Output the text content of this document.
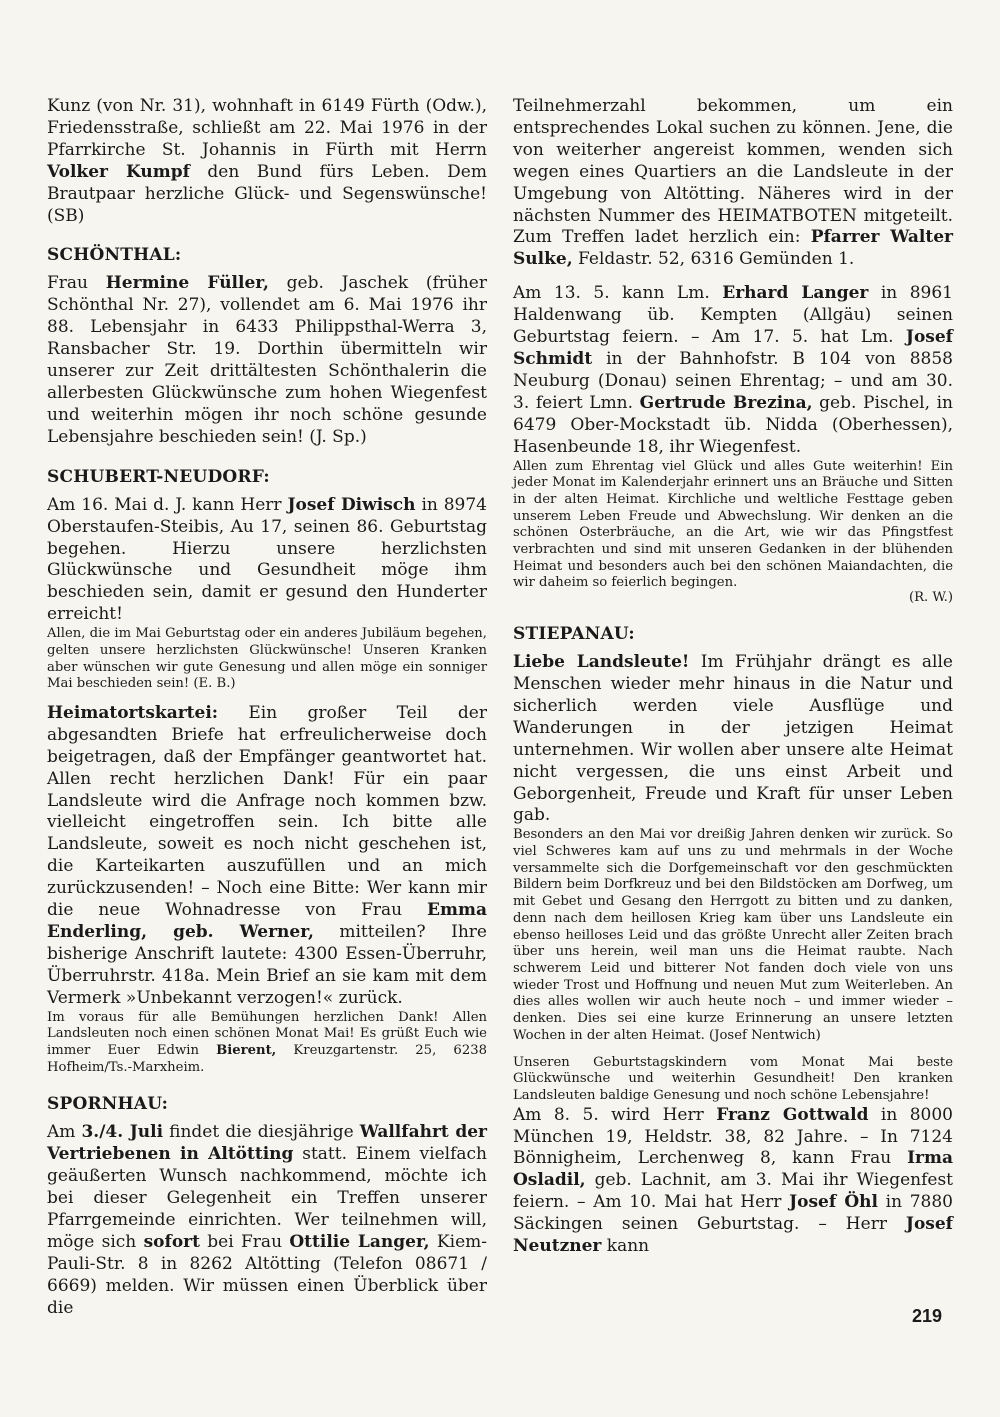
Kunz (von Nr. 31), wohnhaft in 6149 Fürth (Odw.), Friedensstraße, schließt am 22. Mai 1976 in der Pfarrkirche St. Johannis in Fürth mit Herrn Volker Kumpf den Bund fürs Leben. Dem Brautpaar herzliche Glück- und Segenswünsche! (SB)

SCHÖNTHAL:

Frau Hermine Füller, geb. Jaschek (früher Schönthal Nr. 27), vollendet am 6. Mai 1976 ihr 88. Lebensjahr in 6433 Philippsthal-Werra 3, Ransbacher Str. 19. Dorthin übermitteln wir unserer zur Zeit drittältesten Schönthalerin die allerbesten Glückwünsche zum hohen Wiegenfest und weiterhin mögen ihr noch schöne gesunde Lebensjahre beschieden sein! (J. Sp.)

SCHUBERT-NEUDORF:

Am 16. Mai d. J. kann Herr Josef Diwisch in 8974 Oberstaufen-Steibis, Au 17, seinen 86. Geburtstag begehen. Hierzu unsere herzlichsten Glückwünsche und Gesundheit möge ihm beschieden sein, damit er gesund den Hunderter erreicht!

Allen, die im Mai Geburtstag oder ein anderes Jubiläum begehen, gelten unsere herzlichsten Glückwünsche! Unseren Kranken aber wünschen wir gute Genesung und allen möge ein sonniger Mai beschieden sein! (E. B.)

Heimatortskartei: Ein großer Teil der abgesandten Briefe hat erfreulicherweise doch beigetragen, daß der Empfänger geantwortet hat. Allen recht herzlichen Dank! Für ein paar Landsleute wird die Anfrage noch kommen bzw. vielleicht eingetroffen sein. Ich bitte alle Landsleute, soweit es noch nicht geschehen ist, die Karteikarten auszufüllen und an mich zurückzusenden! – Noch eine Bitte: Wer kann mir die neue Wohnadresse von Frau Emma Enderling, geb. Werner, mitteilen? Ihre bisherige Anschrift lautete: 4300 Essen-Überruhr, Überruhrstr. 418a. Mein Brief an sie kam mit dem Vermerk »Unbekannt verzogen!« zurück.

Im voraus für alle Bemühungen herzlichen Dank! Allen Landsleuten noch einen schönen Monat Mai! Es grüßt Euch wie immer Euer Edwin Bierent, Kreuzgartenstr. 25, 6238 Hofheim/Ts.-Marxheim.

SPORNHAU:

Am 3./4. Juli findet die diesjährige Wallfahrt der Vertriebenen in Altötting statt. Einem vielfach geäußerten Wunsch nachkommend, möchte ich bei dieser Gelegenheit ein Treffen unserer Pfarrgemeinde einrichten. Wer teilnehmen will, möge sich sofort bei Frau Ottilie Langer, Kiem-Pauli-Str. 8 in 8262 Altötting (Telefon 08671 / 6669) melden. Wir müssen einen Überblick über die

Teilnehmerzahl bekommen, um ein entsprechendes Lokal suchen zu können. Jene, die von weiterher angereist kommen, wenden sich wegen eines Quartiers an die Landsleute in der Umgebung von Altötting. Näheres wird in der nächsten Nummer des HEIMATBOTEN mitgeteilt. Zum Treffen ladet herzlich ein: Pfarrer Walter Sulke, Feldastr. 52, 6316 Gemünden 1.

Am 13. 5. kann Lm. Erhard Langer in 8961 Haldenwang üb. Kempten (Allgäu) seinen Geburtstag feiern. – Am 17. 5. hat Lm. Josef Schmidt in der Bahnhofstr. B 104 von 8858 Neuburg (Donau) seinen Ehrentag; – und am 30. 3. feiert Lmn. Gertrude Brezina, geb. Pischel, in 6479 Ober-Mockstadt üb. Nidda (Oberhessen), Hasenbeunde 18, ihr Wiegenfest.

Allen zum Ehrentag viel Glück und alles Gute weiterhin! Ein jeder Monat im Kalenderjahr erinnert uns an Bräuche und Sitten in der alten Heimat. Kirchliche und weltliche Festtage geben unserem Leben Freude und Abwechslung. Wir denken an die schönen Osterbräuche, an die Art, wie wir das Pfingstfest verbrachten und sind mit unseren Gedanken in der blühenden Heimat und besonders auch bei den schönen Maiandachten, die wir daheim so feierlich begingen.

(R. W.)

STIEPANAU:

Liebe Landsleute! Im Frühjahr drängt es alle Menschen wieder mehr hinaus in die Natur und sicherlich werden viele Ausflüge und Wanderungen in der jetzigen Heimat unternehmen. Wir wollen aber unsere alte Heimat nicht vergessen, die uns einst Arbeit und Geborgenheit, Freude und Kraft für unser Leben gab.

Besonders an den Mai vor dreißig Jahren denken wir zurück. So viel Schweres kam auf uns zu und mehrmals in der Woche versammelte sich die Dorfgemeinschaft vor den geschmückten Bildern beim Dorfkreuz und bei den Bildstöcken am Dorfweg, um mit Gebet und Gesang den Herrgott zu bitten und zu danken, denn nach dem heillosen Krieg kam über uns Landsleute ein ebenso heilloses Leid und das größte Unrecht aller Zeiten brach über uns herein, weil man uns die Heimat raubte. Nach schwerem Leid und bitterer Not fanden doch viele von uns wieder Trost und Hoffnung und neuen Mut zum Weiterleben. An dies alles wollen wir auch heute noch – und immer wieder – denken. Dies sei eine kurze Erinnerung an unsere letzten Wochen in der alten Heimat. (Josef Nentwich)

Unseren Geburtstagskindern vom Monat Mai beste Glückwünsche und weiterhin Gesundheit! Den kranken Landsleuten baldige Genesung und noch schöne Lebensjahre!

Am 8. 5. wird Herr Franz Gottwald in 8000 München 19, Heldstr. 38, 82 Jahre. – In 7124 Bönnigheim, Lerchenweg 8, kann Frau Irma Osladil, geb. Lachnit, am 3. Mai ihr Wiegenfest feiern. – Am 10. Mai hat Herr Josef Öhl in 7880 Säckingen seinen Geburtstag. – Herr Josef Neutzner kann

219
